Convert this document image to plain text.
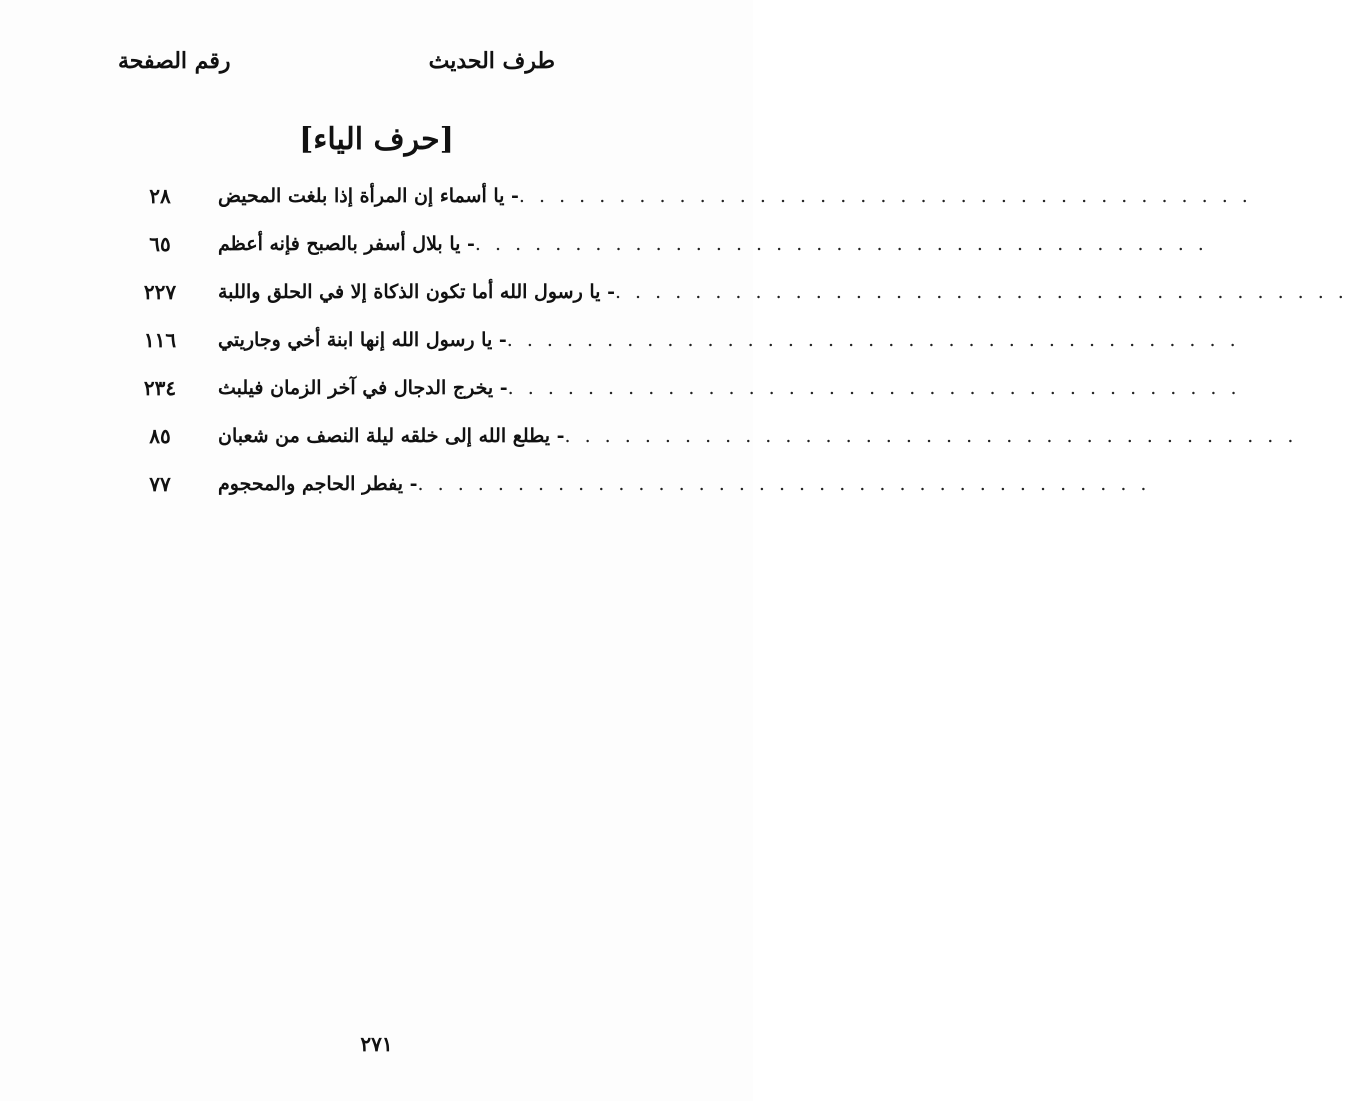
رقم الصفحة	طرف الحديث
[حرف الياء]
٢٨	- يا أسماء إن المرأة إذا بلغت المحيض . . . . . . . . . . . . . . . . . . . . . . . . . . . . . . . . . . . . .
٦٥	- يا بلال أسفر بالصبح فإنه أعظم . . . . . . . . . . . . . . . . . . . . . . . . . . . . . . . . . . . . .
٢٢٧ - يا رسول الله أما تكون الذكاة إلا في الحلق واللبة . . . . . . . . . . . . . . . . . . . . . . . . . . . . . . . . . . . . .
١١٦ - يا رسول الله إنها ابنة أخي وجاريتي . . . . . . . . . . . . . . . . . . . . . . . . . . . . . . . . . . . . .
٢٣٤ - يخرج الدجال في آخر الزمان فيلبث . . . . . . . . . . . . . . . . . . . . . . . . . . . . . . . . . . . . .
٨٥	- يطلع الله إلى خلقه ليلة النصف من شعبان . . . . . . . . . . . . . . . . . . . . . . . . . . . . . . . . . . . . .
٧٧	- يفطر الحاجم والمحجوم . . . . . . . . . . . . . . . . . . . . . . . . . . . . . . . . . . . . .
٢٧١
